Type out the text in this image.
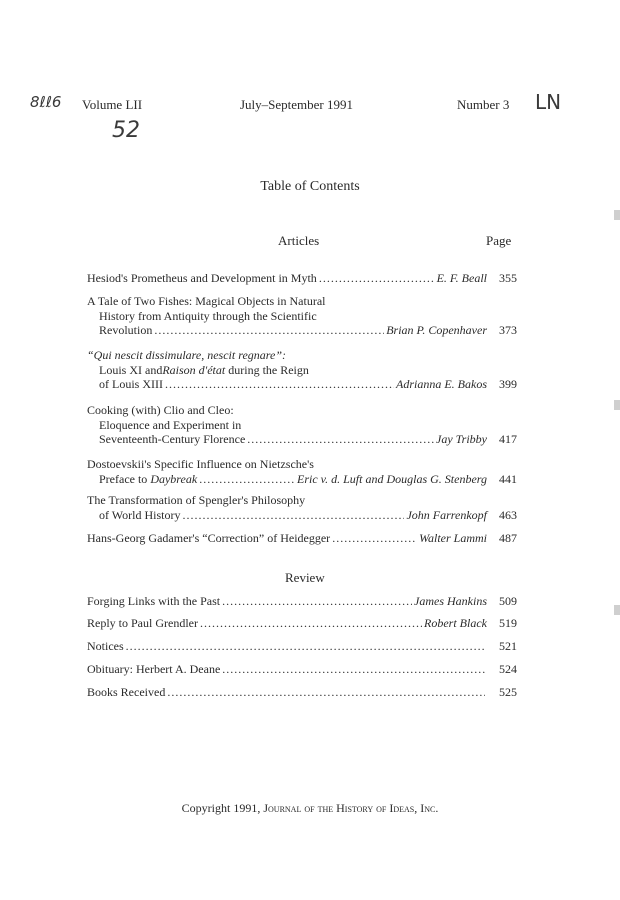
8ℓℓ6
52
LN
Volume LII	July–September 1991	Number 3
Table of Contents
Articles	Page
Hesiod's Prometheus and Development in Myth .....	E. F. Beall	355
A Tale of Two Fishes: Magical Objects in Natural
History from Antiquity through the Scientific
Revolution .....	Brian P. Copenhaver	373
“Qui nescit dissimulare, nescit regnare”:
Louis XI and Raison d'état during the Reign
of Louis XIII .....	Adrianna E. Bakos	399
Cooking (with) Clio and Cleo:
Eloquence and Experiment in
Seventeenth-Century Florence .....	Jay Tribby	417
Dostoevskii's Specific Influence on Nietzsche's
Preface to Daybreak .....	Eric v. d. Luft and Douglas G. Stenberg	441
The Transformation of Spengler's Philosophy
of World History .....	John Farrenkopf	463
Hans-Georg Gadamer's “Correction” of Heidegger .....	Walter Lammi	487
Review
Forging Links with the Past .....	James Hankins	509
Reply to Paul Grendler .....	Robert Black	519
Notices .....	521
Obituary: Herbert A. Deane .....	524
Books Received .....	525
Copyright 1991, Journal of the History of Ideas, Inc.
